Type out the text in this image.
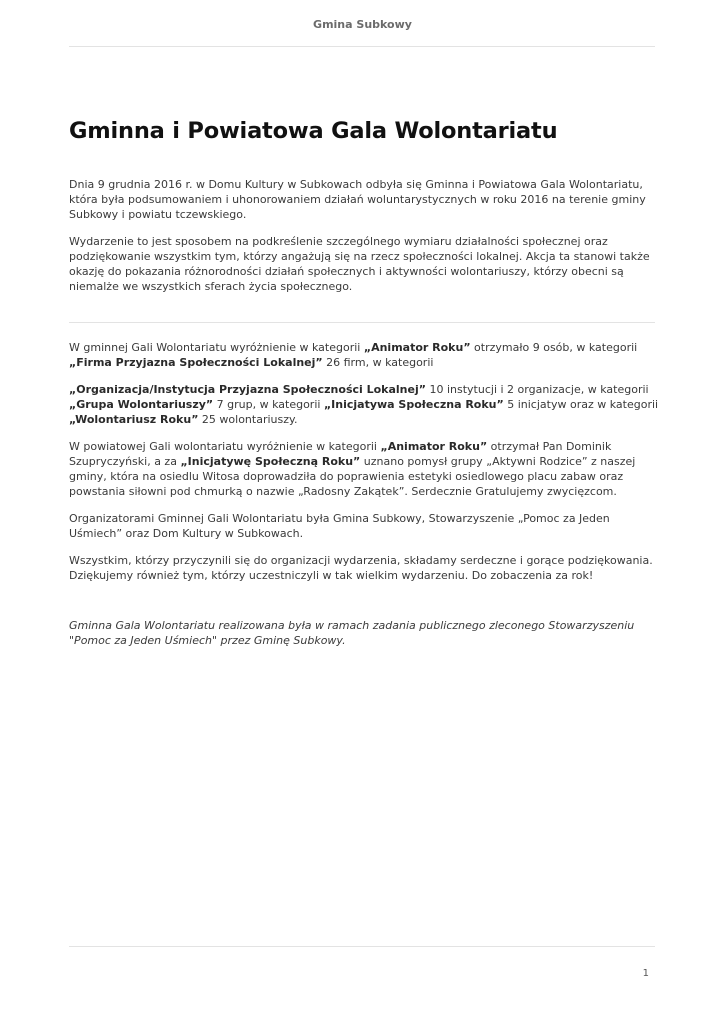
Gmina Subkowy
Gminna i Powiatowa Gala Wolontariatu

Dnia 9 grudnia 2016 r. w Domu Kultury w Subkowach odbyła się Gminna i Powiatowa Gala Wolontariatu, która była podsumowaniem i uhonorowaniem działań woluntarystycznych w roku 2016 na terenie gminy Subkowy i powiatu tczewskiego.

Wydarzenie to jest sposobem na podkreślenie szczególnego wymiaru działalności społecznej oraz podziękowanie wszystkim tym, którzy angażują się na rzecz społeczności lokalnej. Akcja ta stanowi także okazję do pokazania różnorodności działań społecznych i aktywności wolontariuszy, którzy obecni są niemalże we wszystkich sferach życia społecznego.

W gminnej Gali Wolontariatu wyróżnienie w kategorii „Animator Roku” otrzymało 9 osób, w kategorii „Firma Przyjazna Społeczności Lokalnej” 26 firm, w kategorii

„Organizacja/Instytucja Przyjazna Społeczności Lokalnej” 10 instytucji i 2 organizacje, w kategorii „Grupa Wolontariuszy” 7 grup, w kategorii „Inicjatywa Społeczna Roku” 5 inicjatyw oraz w kategorii „Wolontariusz Roku” 25 wolontariuszy.

W powiatowej Gali wolontariatu wyróżnienie w kategorii „Animator Roku” otrzymał Pan Dominik Szupryczyński, a za „Inicjatywę Społeczną Roku” uznano pomysł grupy „Aktywni Rodzice” z naszej gminy, która na osiedlu Witosa doprowadziła do poprawienia estetyki osiedlowego placu zabaw oraz powstania siłowni pod chmurką o nazwie „Radosny Zakątek”. Serdecznie Gratulujemy zwycięzcom.

Organizatorami Gminnej Gali Wolontariatu była Gmina Subkowy, Stowarzyszenie „Pomoc za Jeden Uśmiech” oraz Dom Kultury w Subkowach.

Wszystkim, którzy przyczynili się do organizacji wydarzenia, składamy serdeczne i gorące podziękowania. Dziękujemy również tym, którzy uczestniczyli w tak wielkim wydarzeniu. Do zobaczenia za rok!

Gminna Gala Wolontariatu realizowana była w ramach zadania publicznego zleconego Stowarzyszeniu "Pomoc za Jeden Uśmiech" przez Gminę Subkowy.
1
